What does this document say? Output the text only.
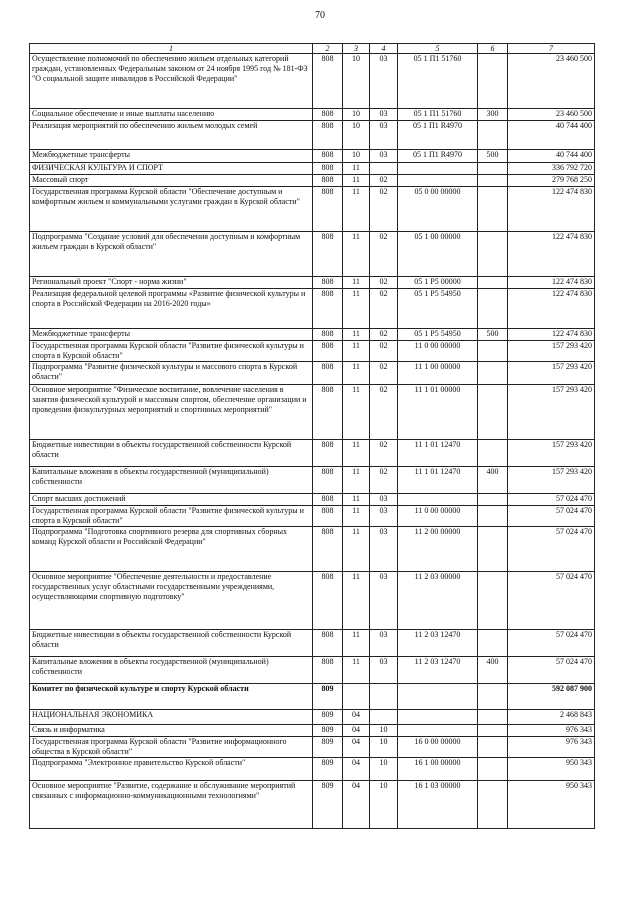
70
1	2	3	4	5	6	7
Осуществление полномочий по обеспечению жильем отдельных категорий граждан, установленных Федеральным законом от 24 ноября 1995 год № 181-ФЗ "О социальной защите инвалидов в Российской Федерации"	808	10	03	05 1 П1 51760		23 460 500
Социальное обеспечение и иные выплаты населению	808	10	03	05 1 П1 51760	300	23 460 500
Реализация мероприятий по обеспечению жильем молодых семей	808	10	03	05 1 П1 R4970		40 744 400
Межбюджетные трансферты	808	10	03	05 1 П1 R4970	500	40 744 400
ФИЗИЧЕСКАЯ КУЛЬТУРА И СПОРТ	808	11				336 792 720
Массовый спорт	808	11	02			279 768 250
Государственная программа Курской области "Обеспечение доступным и комфортным жильем и коммунальными услугами граждан в Курской области"	808	11	02	05 0 00 00000		122 474 830
Подпрограмма "Создание условий для обеспечения доступным и комфортным жильем граждан в Курской области"	808	11	02	05 1 00 00000		122 474 830
Региональный проект "Спорт - норма жизни"	808	11	02	05 1 P5 00000		122 474 830
Реализация федеральной целевой программы «Развитие физической культуры и спорта в Российской Федерации на 2016-2020 годы»	808	11	02	05 1 P5 54950		122 474 830
Межбюджетные трансферты	808	11	02	05 1 P5 54950	500	122 474 830
Государственная программа Курской области "Развитие физической культуры и спорта в Курской области"	808	11	02	11 0 00 00000		157 293 420
Подпрограмма "Развитие физической культуры и массового спорта в Курской области"	808	11	02	11 1 00 00000		157 293 420
Основное мероприятие "Физическое воспитание, вовлечение населения в занятия физической культурой и массовым спортом, обеспечение организации и проведения физкультурных мероприятий и спортивных мероприятий"	808	11	02	11 1 01 00000		157 293 420
Бюджетные инвестиции в объекты государственной собственности Курской области	808	11	02	11 1 01 12470		157 293 420
Капитальные вложения в объекты государственной (муниципальной) собственности	808	11	02	11 1 01 12470	400	157 293 420
Спорт высших достижений	808	11	03			57 024 470
Государственная программа Курской области "Развитие физической культуры и спорта в Курской области"	808	11	03	11 0 00 00000		57 024 470
Подпрограмма "Подготовка спортивного резерва для спортивных сборных команд Курской области и Российской Федерации"	808	11	03	11 2 00 00000		57 024 470
Основное мероприятие "Обеспечение деятельности и предоставление государственных услуг областными государственными учреждениями, осуществляющими спортивную подготовку"	808	11	03	11 2 03 00000		57 024 470
Бюджетные инвестиции в объекты государственной собственности Курской области	808	11	03	11 2 03 12470		57 024 470
Капитальные вложения в объекты государственной (муниципальной) собственности	808	11	03	11 2 03 12470	400	57 024 470
Комитет по физической культуре и спорту Курской области	809					592 087 900
НАЦИОНАЛЬНАЯ ЭКОНОМИКА	809	04				2 468 843
Связь и информатика	809	04	10			976 343
Государственная программа Курской области "Развитие информационного общества в Курской области"	809	04	10	16 0 00 00000		976 343
Подпрограмма "Электронное правительство Курской области"	809	04	10	16 1 00 00000		950 343
Основное мероприятие "Развитие, содержание и обслуживание мероприятий связанных с информационно-коммуникационными технологиями"	809	04	10	16 1 03 00000		950 343
